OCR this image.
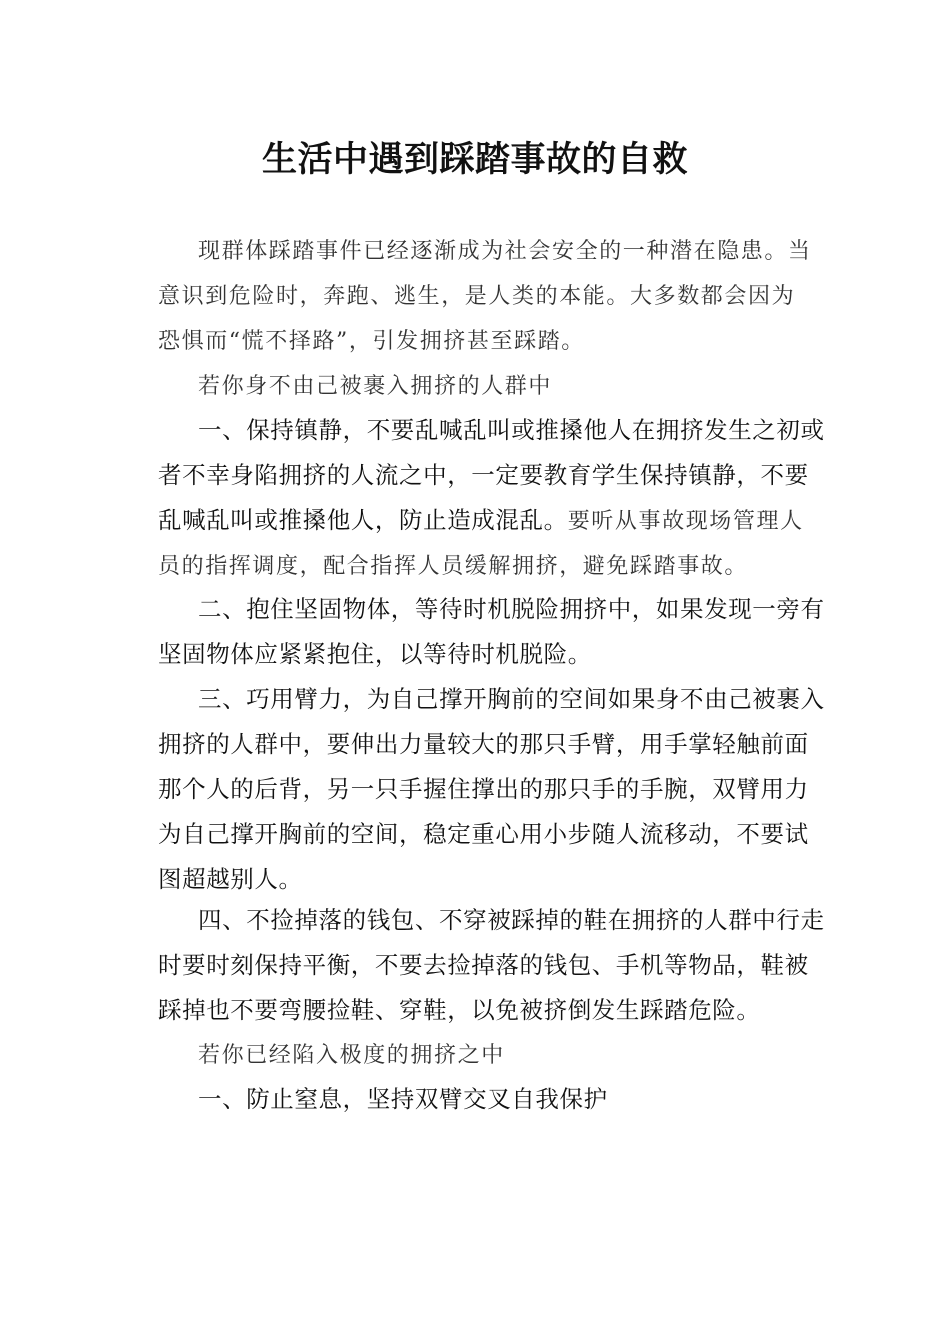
生活中遇到踩踏事故的自救
现群体踩踏事件已经逐渐成为社会安全的一种潜在隐患。当
意识到危险时，奔跑、逃生，是人类的本能。大多数都会因为
恐惧而“慌不择路”，引发拥挤甚至踩踏。
若你身不由己被裹入拥挤的人群中
一、保持镇静，不要乱喊乱叫或推搡他人在拥挤发生之初或
者不幸身陷拥挤的人流之中，一定要教育学生保持镇静，不要
乱喊乱叫或推搡他人，防止造成混乱。要听从事故现场管理人
员的指挥调度，配合指挥人员缓解拥挤，避免踩踏事故。
二、抱住坚固物体，等待时机脱险拥挤中，如果发现一旁有
坚固物体应紧紧抱住，以等待时机脱险。
三、巧用臂力，为自己撑开胸前的空间如果身不由己被裹入
拥挤的人群中，要伸出力量较大的那只手臂，用手掌轻触前面
那个人的后背，另一只手握住撑出的那只手的手腕，双臂用力
为自己撑开胸前的空间，稳定重心用小步随人流移动，不要试
图超越别人。
四、不捡掉落的钱包、不穿被踩掉的鞋在拥挤的人群中行走
时要时刻保持平衡，不要去捡掉落的钱包、手机等物品，鞋被
踩掉也不要弯腰捡鞋、穿鞋，以免被挤倒发生踩踏危险。
若你已经陷入极度的拥挤之中
一、防止窒息，坚持双臂交叉自我保护
